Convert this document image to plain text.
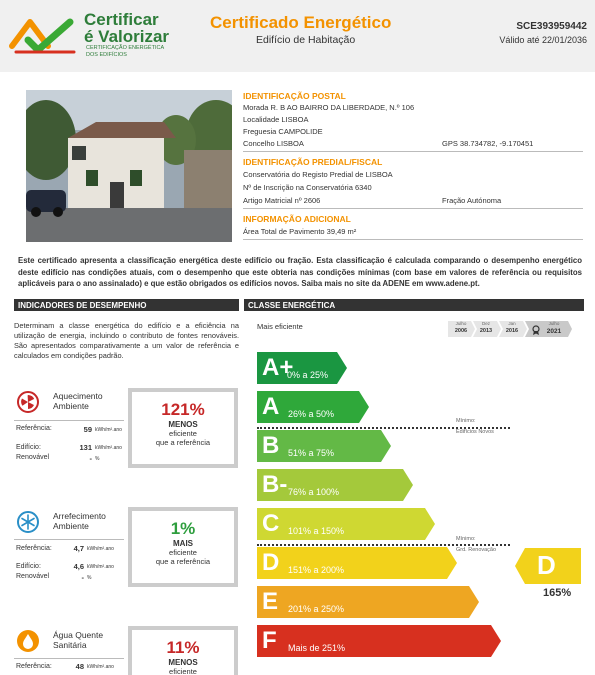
Certificar
é Valorizar
CERTIFICAÇÃO ENERGÉTICA DOS EDIFÍCIOS
Certificado Energético
Edifício de Habitação
SCE393959442
Válido até 22/01/2036
IDENTIFICAÇÃO POSTAL
Morada R. B AO BAIRRO DA LIBERDADE, N.º 106
Localidade LISBOA
Freguesia CAMPOLIDE
Concelho LISBOA	GPS 38.734782, -9.170451
IDENTIFICAÇÃO PREDIAL/FISCAL
Conservatória do Registo Predial de LISBOA
Nº de Inscrição na Conservatória 6340
Artigo Matricial nº 2606	Fração Autónoma
INFORMAÇÃO ADICIONAL
Área Total de Pavimento 39,49 m²
Este certificado apresenta a classificação energética deste edifício ou fração. Esta classificação é calculada comparando o desempenho energético deste edifício nas condições atuais, com o desempenho que este obteria nas condições mínimas (com base em valores de referência ou requisitos aplicáveis para o ano assinalado) e que estão obrigados os edifícios novos. Saiba mais no site da ADENE em www.adene.pt.
INDICADORES DE DESEMPENHO	CLASSE ENERGÉTICA
Determinam a classe energética do edifício e a eficiência na utilização de energia, incluindo o contributo de fontes renováveis. São apresentados comparativamente a um valor de referência e calculados em condições padrão.
Aquecimento Ambiente
Referência:	59 kWh/m².ano
Edifício:	131 kWh/m².ano
Renovável	- %
121%
MENOS
eficiente
que a referência
Arrefecimento Ambiente
Referência:	4,7 kWh/m².ano
Edifício:	4,6 kWh/m².ano
Renovável	- %
1%
MAIS
eficiente
que a referência
Água Quente Sanitária
Referência:	48 kWh/m².ano
11%
MENOS
eficiente
Mais eficiente	Julho
2006
Dez
2013
Jan
2016
Julho
2021
A+
0% a 25%
A 26% a 50%
B 51% a 75%
B- 76% a 100%
C 101% a 150%
D 151% a 200%
E 201% a 250%
F Mais de 251%
Mínimo:
Edifícios Novos
Mínimo:
Grd. Renovação D
165%
